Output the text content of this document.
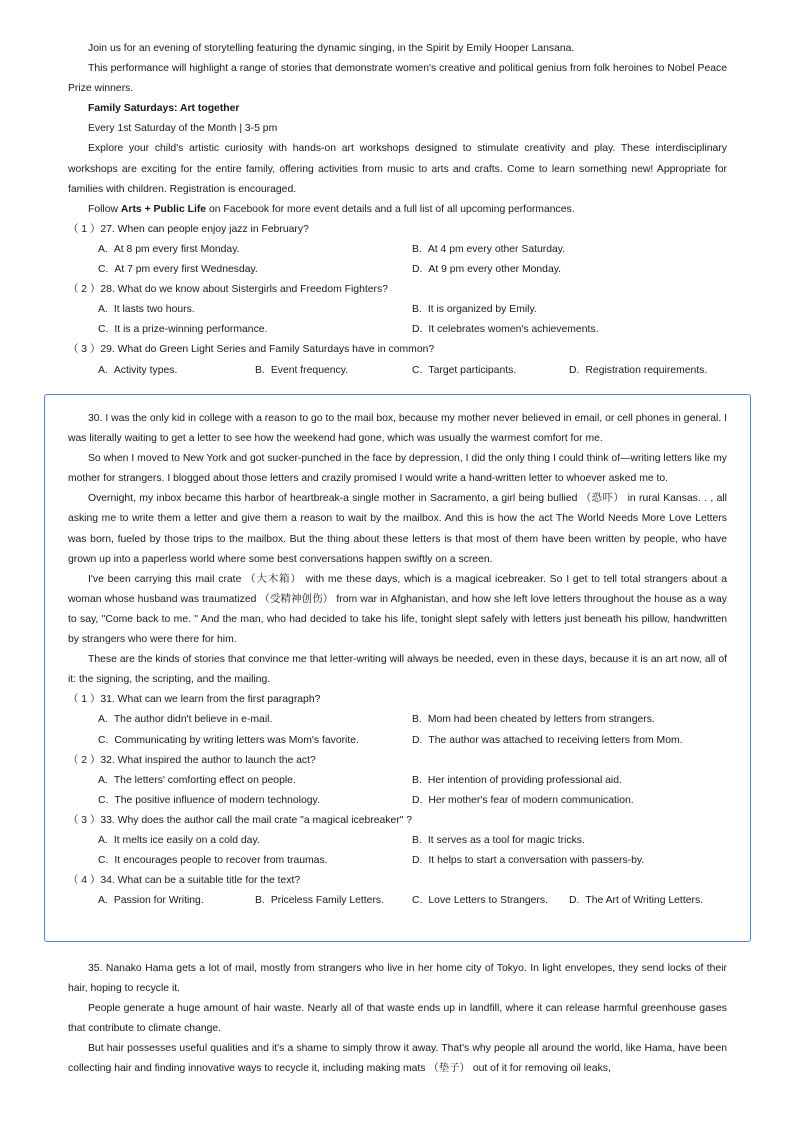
Join us for an evening of storytelling featuring the dynamic singing, in the Spirit by Emily Hooper Lansana.

This performance will highlight a range of stories that demonstrate women's creative and political genius from folk heroines to Nobel Peace Prize winners.

Family Saturdays: Art together

Every 1st Saturday of the Month | 3-5 pm

Explore your child's artistic curiosity with hands-on art workshops designed to stimulate creativity and play. These interdisciplinary workshops are exciting for the entire family, offering activities from music to arts and crafts. Come to learn something new! Appropriate for families with children. Registration is encouraged.

Follow Arts + Public Life on Facebook for more event details and a full list of all upcoming performances.

（ 1 ）27. When can people enjoy jazz in February?

A. At 8 pm every first Monday.	B. At 4 pm every other Saturday.
C. At 7 pm every first Wednesday.	D. At 9 pm every other Monday.

（ 2 ）28. What do we know about Sistergirls and Freedom Fighters?

A. It lasts two hours.	B. It is organized by Emily.
C. It is a prize-winning performance.	D. It celebrates women's achievements.

（ 3 ）29. What do Green Light Series and Family Saturdays have in common?

A. Activity types.	B. Event frequency.	C. Target participants.	D. Registration requirements.

30. I was the only kid in college with a reason to go to the mail box, because my mother never believed in email, or cell phones in general. I was literally waiting to get a letter to see how the weekend had gone, which was usually the warmest comfort for me.

So when I moved to New York and got sucker-punched in the face by depression, I did the only thing I could think of—writing letters like my mother for strangers. I blogged about those letters and crazily promised I would write a hand-written letter to whoever asked me to.

Overnight, my inbox became this harbor of heartbreak-a single mother in Sacramento, a girl being bullied （恐吓） in rural Kansas. . , all asking me to write them a letter and give them a reason to wait by the mailbox. And this is how the act The World Needs More Love Letters was born, fueled by those trips to the mailbox. But the thing about these letters is that most of them have been written by people, who have grown up into a paperless world where some best conversations happen swiftly on a screen.

I've been carrying this mail crate （大木箱） with me these days, which is a magical icebreaker. So I get to tell total strangers about a woman whose husband was traumatized （受精神创伤） from war in Afghanistan, and how she left love letters throughout the house as a way to say, "Come back to me. " And the man, who had decided to take his life, tonight slept safely with letters just beneath his pillow, handwritten by strangers who were there for him.

These are the kinds of stories that convince me that letter-writing will always be needed, even in these days, because it is an art now, all of it: the signing, the scripting, and the mailing.

（ 1 ）31. What can we learn from the first paragraph?

A. The author didn't believe in e-mail.	B. Mom had been cheated by letters from strangers.
C. Communicating by writing letters was Mom's favorite.	D. The author was attached to receiving letters from Mom.

（ 2 ）32. What inspired the author to launch the act?

A. The letters' comforting effect on people.	B. Her intention of providing professional aid.
C. The positive influence of modern technology.	D. Her mother's fear of modern communication.

（ 3 ）33. Why does the author call the mail crate "a magical icebreaker" ?

A. It melts ice easily on a cold day.	B. It serves as a tool for magic tricks.
C. It encourages people to recover from traumas.	D. It helps to start a conversation with passers-by.

（ 4 ）34. What can be a suitable title for the text?

A. Passion for Writing.	B. Priceless Family Letters.	C. Love Letters to Strangers.	D. The Art of Writing Letters.

35. Nanako Hama gets a lot of mail, mostly from strangers who live in her home city of Tokyo. In light envelopes, they send locks of their hair, hoping to recycle it.

People generate a huge amount of hair waste. Nearly all of that waste ends up in landfill, where it can release harmful greenhouse gases that contribute to climate change.

But hair possesses useful qualities and it's a shame to simply throw it away. That's why people all around the world, like Hama, have been collecting hair and finding innovative ways to recycle it, including making mats （垫子） out of it for removing oil leaks,
